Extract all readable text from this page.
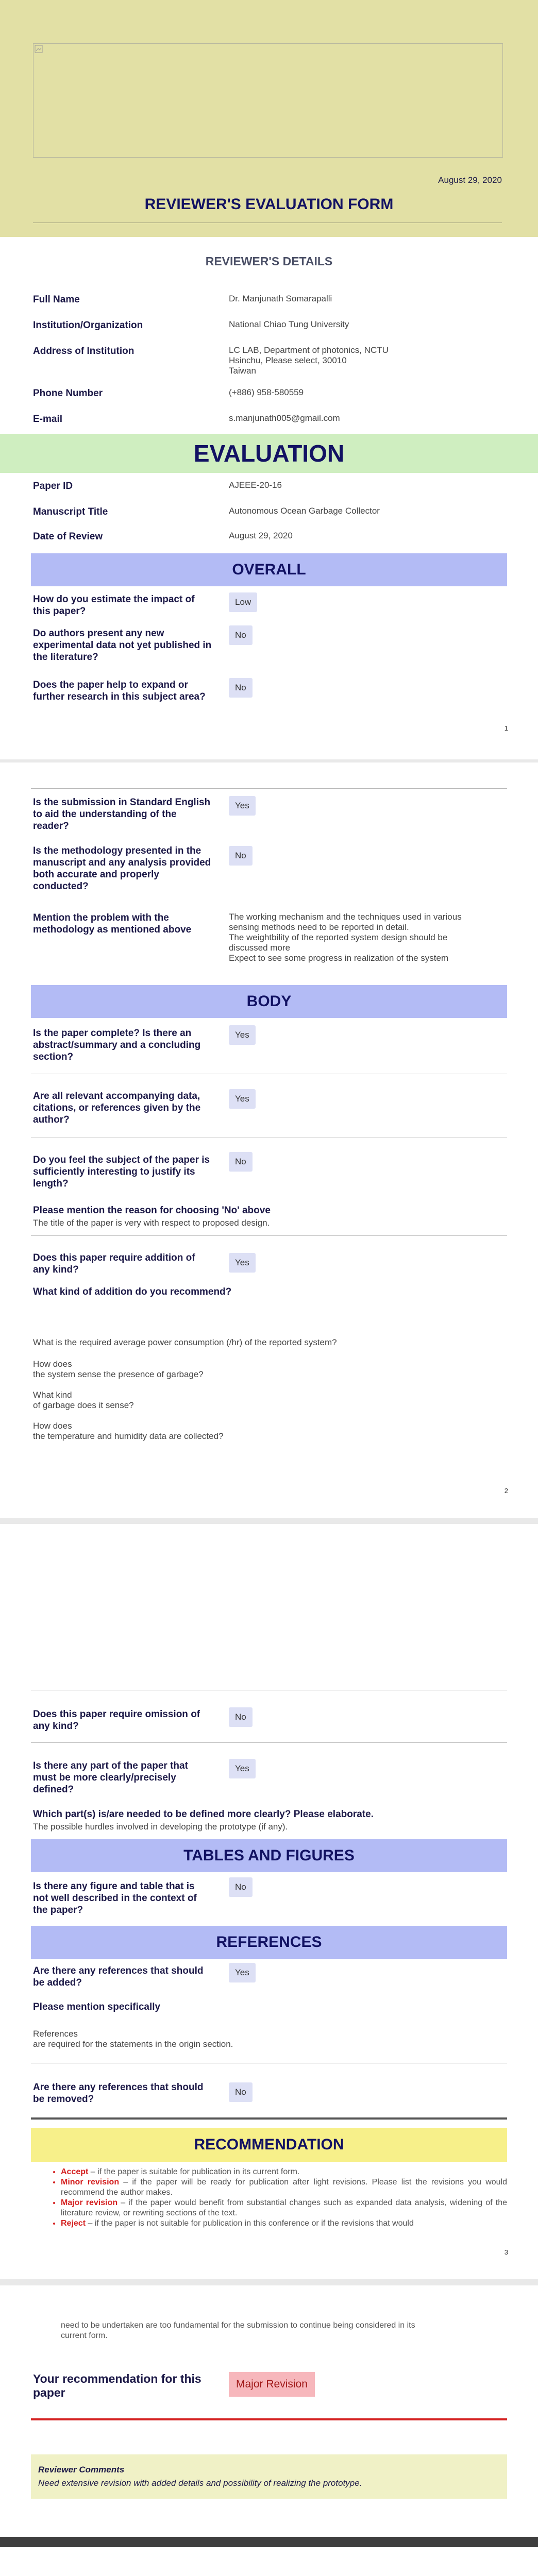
August 29, 2020
REVIEWER'S EVALUATION FORM
REVIEWER'S DETAILS
Full Name	Dr. Manjunath Somarapalli
Institution/Organization	National Chiao Tung University
Address of Institution	LC LAB, Department of photonics, NCTU
Hsinchu, Please select, 30010
Taiwan
Phone Number	(+886) 958-580559
E-mail	s.manjunath005@gmail.com
EVALUATION
Paper ID	AJEEE-20-16
Manuscript Title	Autonomous Ocean Garbage Collector
Date of Review	August 29, 2020
OVERALL
How do you estimate the impact of
this paper?
Low
Do authors present any new
experimental data not yet published in
the literature?
No
Does the paper help to expand or
further research in this subject area?
No
1
Is the submission in Standard English
to aid the understanding of the
reader?
Yes
Is the methodology presented in the
manuscript and any analysis provided
both accurate and properly
conducted?
No
Mention the problem with the
methodology as mentioned above
The working mechanism and the techniques used in various
sensing methods need to be reported in detail.
The weightbility of the reported system design should be
discussed more
Expect to see some progress in realization of the system
BODY
Is the paper complete? Is there an
abstract/summary and a concluding
section?
Yes
Are all relevant accompanying data,
citations, or references given by the
author?
Yes
Do you feel the subject of the paper is
sufficiently interesting to justify its
length?
No
Please mention the reason for choosing 'No' above
The title of the paper is very with respect to proposed design.
Does this paper require addition of
any kind?
Yes
What kind of addition do you recommend?
What is the required average power consumption (/hr) of the reported system?
How does
the system sense the presence of garbage?
What kind
of garbage does it sense?
How does
the temperature and humidity data are collected?
2
Does this paper require omission of
any kind?
No
Is there any part of the paper that
must be more clearly/precisely
defined?
Yes
Which part(s) is/are needed to be defined more clearly? Please elaborate.
The possible hurdles involved in developing the prototype (if any).
TABLES AND FIGURES
Is there any figure and table that is
not well described in the context of
the paper?
No
REFERENCES
Are there any references that should
be added?
Yes
Please mention specifically
References
are required for the statements in the origin section.
Are there any references that should
be removed?
No
RECOMMENDATION
• Accept – if the paper is suitable for publication in its current form.
• Minor revision – if the paper will be ready for publication after light revisions. Please list the revisions you would recommend the author makes.
• Major revision – if the paper would benefit from substantial changes such as expanded data analysis, widening of the literature review, or rewriting sections of the text.
• Reject – if the paper is not suitable for publication in this conference or if the revisions that would
3
need to be undertaken are too fundamental for the submission to continue being considered in its
current form.
Your recommendation for this
paper
Major Revision
Reviewer Comments
Need extensive revision with added details and possibility of realizing the prototype.
